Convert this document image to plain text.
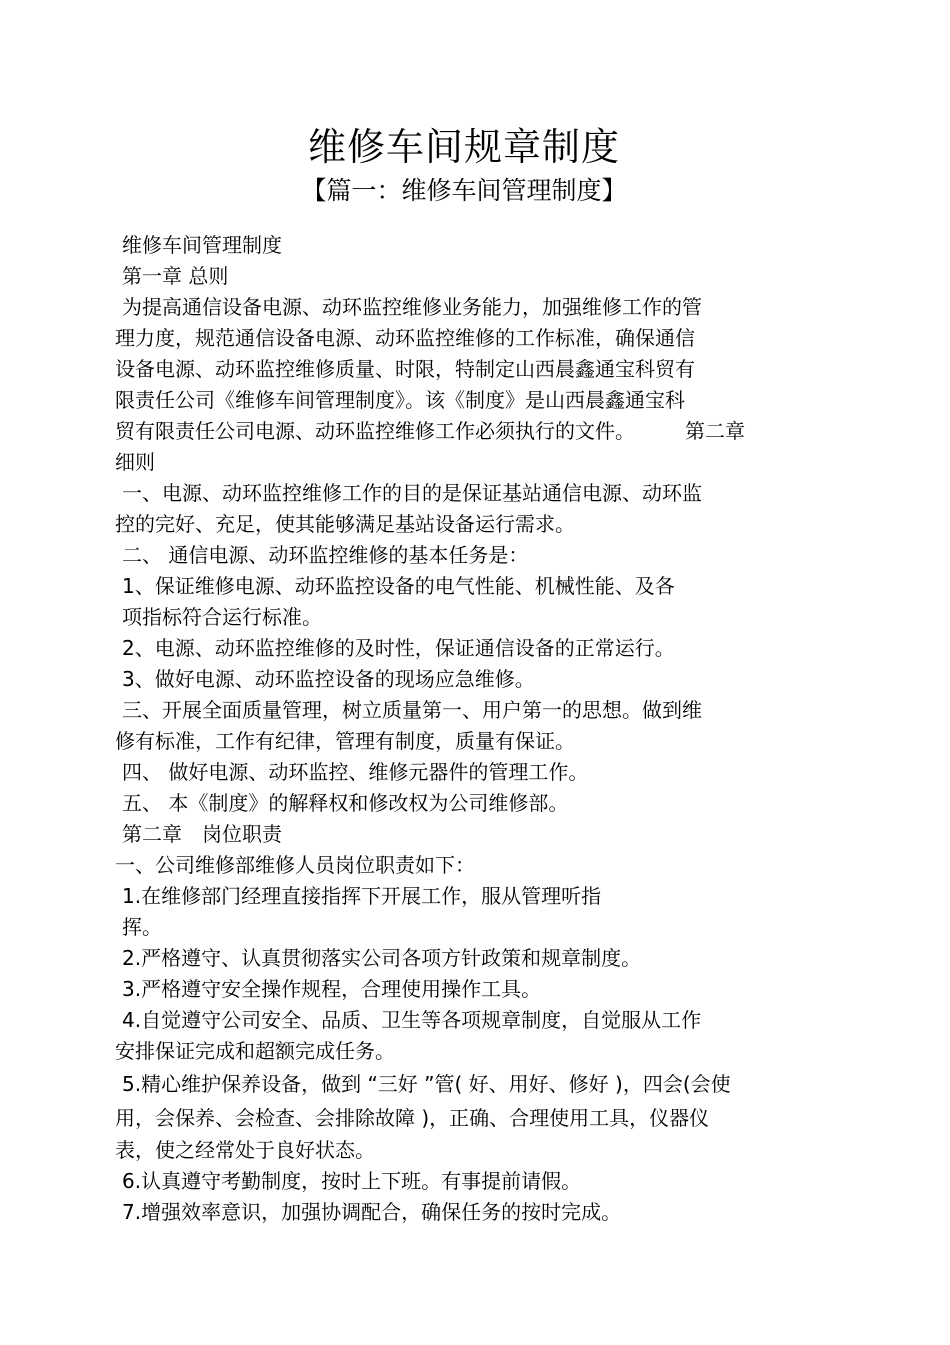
维修车间规章制度
【篇一：维修车间管理制度】
维修车间管理制度
第一章 总则
为提高通信设备电源、动环监控维修业务能力，加强维修工作的管
理力度，规范通信设备电源、动环监控维修的工作标准，确保通信
设备电源、动环监控维修质量、时限，特制定山西晨鑫通宝科贸有
限责任公司《维修车间管理制度》。该《制度》是山西晨鑫通宝科
贸有限责任公司电源、动环监控维修工作必须执行的文件。　　　第二章
细则
一、电源、动环监控维修工作的目的是保证基站通信电源、动环监
控的完好、充足，使其能够满足基站设备运行需求。
二、 通信电源、动环监控维修的基本任务是：
1、保证维修电源、动环监控设备的电气性能、机械性能、及各
项指标符合运行标准。
2、电源、动环监控维修的及时性，保证通信设备的正常运行。
3、做好电源、动环监控设备的现场应急维修。
三、开展全面质量管理，树立质量第一、用户第一的思想。做到维
修有标准，工作有纪律，管理有制度，质量有保证。
四、 做好电源、动环监控、维修元器件的管理工作。
五、 本《制度》的解释权和修改权为公司维修部。
第二章　岗位职责
一、公司维修部维修人员岗位职责如下：
1.在维修部门经理直接指挥下开展工作，服从管理听指
挥。
2.严格遵守、认真贯彻落实公司各项方针政策和规章制度。
3.严格遵守安全操作规程，合理使用操作工具。
4.自觉遵守公司安全、品质、卫生等各项规章制度，自觉服从工作
安排保证完成和超额完成任务。
5.精心维护保养设备，做到 “三好 ”管( 好、用好、修好 )，四会(会使
用，会保养、会检查、会排除故障 )，正确、合理使用工具，仪器仪
表，使之经常处于良好状态。
6.认真遵守考勤制度，按时上下班。有事提前请假。
7.增强效率意识，加强协调配合，确保任务的按时完成。
